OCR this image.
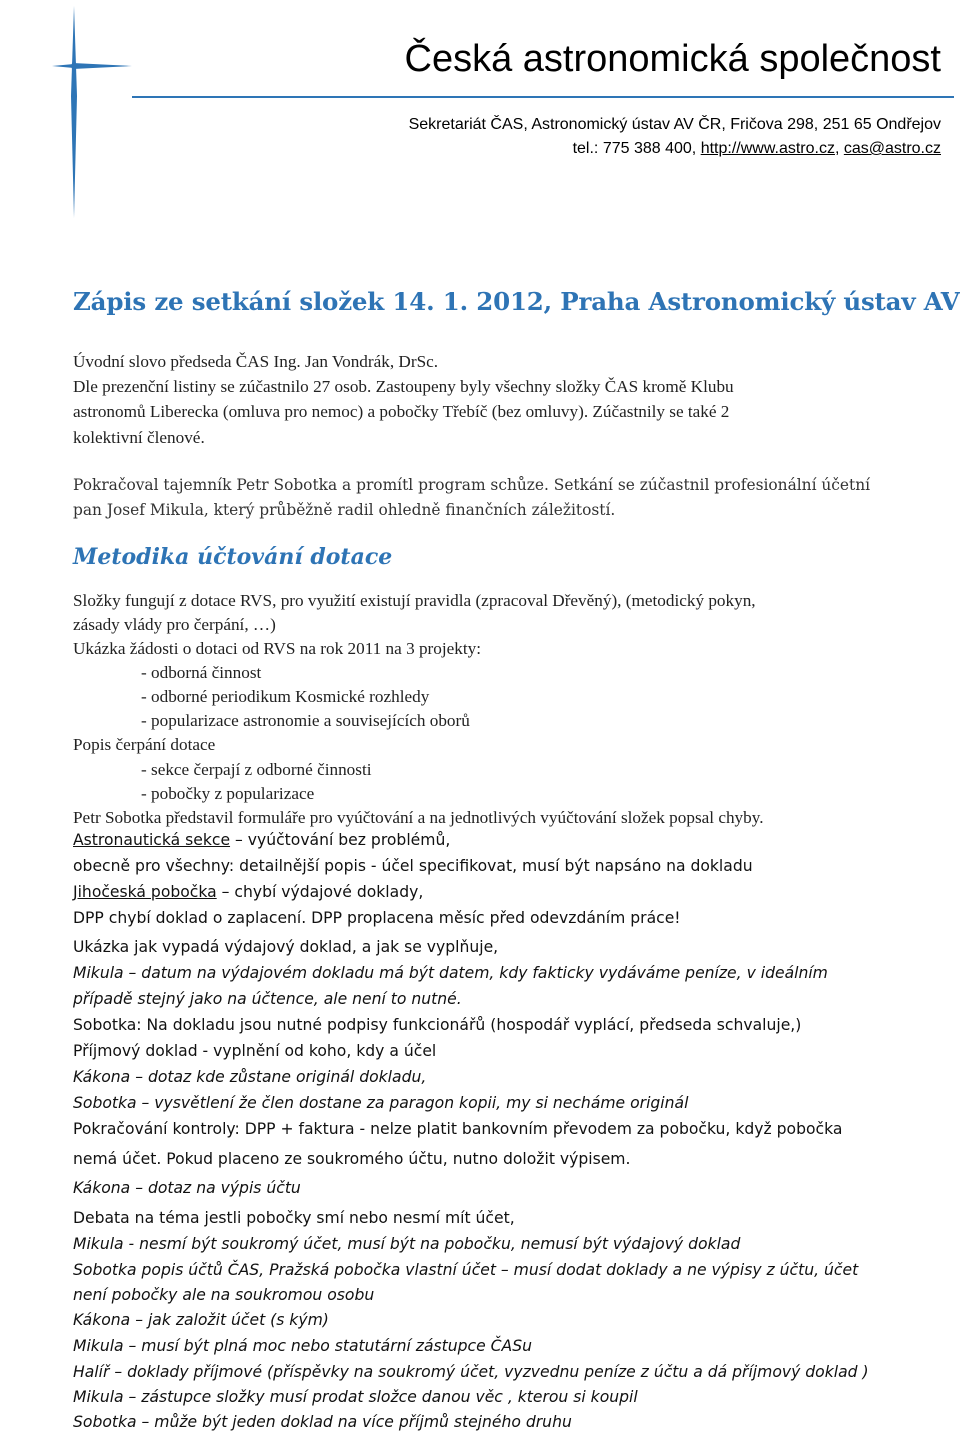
Česká astronomická společnost
Sekretariát ČAS, Astronomický ústav AV ČR, Fričova 298, 251 65 Ondřejov
tel.: 775 388 400, http://www.astro.cz, cas@astro.cz
Zápis ze setkání složek 14. 1. 2012, Praha Astronomický ústav AV
Úvodní slovo předseda ČAS Ing. Jan Vondrák, DrSc.
Dle prezenční listiny se zúčastnilo 27 osob. Zastoupeny byly všechny složky ČAS kromě Klubu
astronomů Liberecka (omluva pro nemoc) a pobočky Třebíč (bez omluvy). Zúčastnily se také 2
kolektivní členové.
Pokračoval tajemník Petr Sobotka a promítl program schůze. Setkání se zúčastnil profesionální účetní
pan Josef Mikula, který průběžně radil ohledně finančních záležitostí.
Metodika účtování dotace
Složky fungují z dotace RVS, pro využití existují pravidla (zpracoval Dřevěný), (metodický pokyn,
zásady vlády pro čerpání, …)
Ukázka žádosti o dotaci od RVS na rok 2011 na 3 projekty:
- odborná činnost
- odborné periodikum Kosmické rozhledy
- popularizace astronomie a souvisejících oborů
Popis čerpání dotace
- sekce čerpají z odborné činnosti
- pobočky z popularizace
Petr Sobotka představil formuláře pro vyúčtování a na jednotlivých vyúčtování složek popsal chyby.
Astronautická sekce – vyúčtování bez problémů,
obecně pro všechny: detailnější popis - účel specifikovat, musí být napsáno na dokladu
Jihočeská pobočka – chybí výdajové doklady,
DPP chybí doklad o zaplacení. DPP proplacena měsíc před odevzdáním práce!
Ukázka jak vypadá výdajový doklad, a jak se vyplňuje,
Mikula – datum na výdajovém dokladu má být datem, kdy fakticky vydáváme peníze, v ideálním
případě stejný jako na účtence, ale není to nutné.
Sobotka: Na dokladu jsou nutné podpisy funkcionářů (hospodář vyplácí, předseda schvaluje,)
Příjmový doklad - vyplnění od koho, kdy a účel
Kákona – dotaz kde zůstane originál dokladu,
Sobotka – vysvětlení že člen dostane za paragon kopii, my si necháme originál
Pokračování kontroly: DPP + faktura - nelze platit bankovním převodem za pobočku, když pobočka
nemá účet. Pokud placeno ze soukromého účtu, nutno doložit výpisem.
Kákona – dotaz na výpis účtu
Debata na téma jestli pobočky smí nebo nesmí mít účet,
Mikula - nesmí být soukromý účet, musí být na pobočku, nemusí být výdajový doklad
Sobotka popis účtů ČAS, Pražská pobočka vlastní účet – musí dodat doklady a ne výpisy z účtu, účet
není pobočky ale na soukromou osobu
Kákona – jak založit účet (s kým)
Mikula – musí být plná moc nebo statutární zástupce ČASu
Halíř – doklady příjmové (příspěvky na soukromý účet, vyzvednu peníze z účtu a dá příjmový doklad )
Mikula – zástupce složky musí prodat složce danou věc , kterou si koupil
Sobotka – může být jeden doklad na více příjmů stejného druhu
